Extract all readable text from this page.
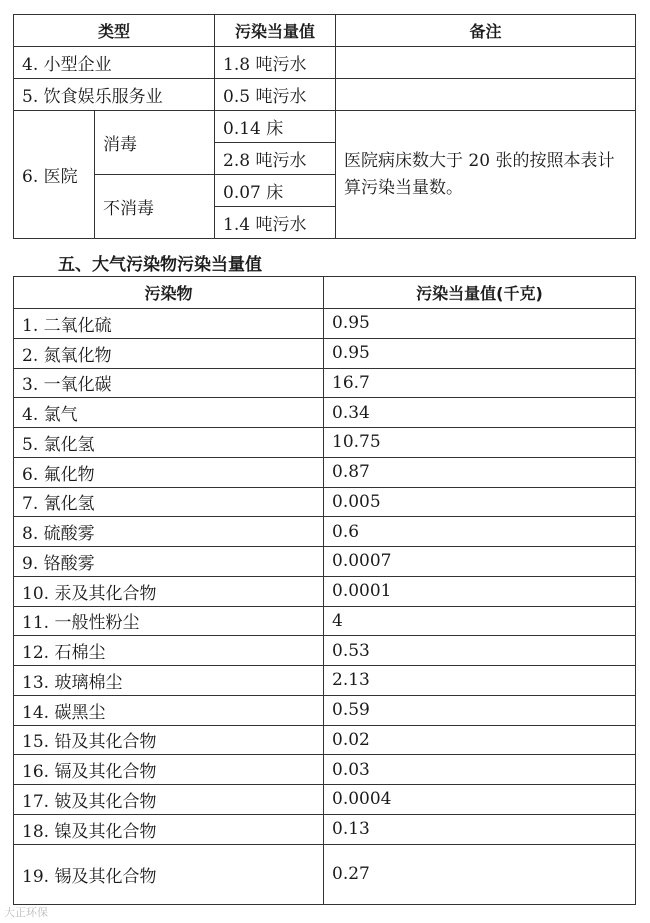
类型		污染当量值	备注
4. 小型企业		1.8 吨污水	
5. 饮食娱乐服务业		0.5 吨污水	
6. 医院	消毒	0.14 床	医院病床数大于 20 张的按照本表计算污染当量数。
		2.8 吨污水	
	不消毒	0.07 床	
		1.4 吨污水	
五、大气污染物污染当量值
污染物	污染当量值(千克)
1. 二氧化硫	0.95
2. 氮氧化物	0.95
3. 一氧化碳	16.7
4. 氯气	0.34
5. 氯化氢	10.75
6. 氟化物	0.87
7. 氰化氢	0.005
8. 硫酸雾	0.6
9. 铬酸雾	0.0007
10. 汞及其化合物	0.0001
11. 一般性粉尘	4
12. 石棉尘	0.53
13. 玻璃棉尘	2.13
14. 碳黑尘	0.59
15. 铅及其化合物	0.02
16. 镉及其化合物	0.03
17. 铍及其化合物	0.0004
18. 镍及其化合物	0.13
19. 锡及其化合物	0.27
大正环保
